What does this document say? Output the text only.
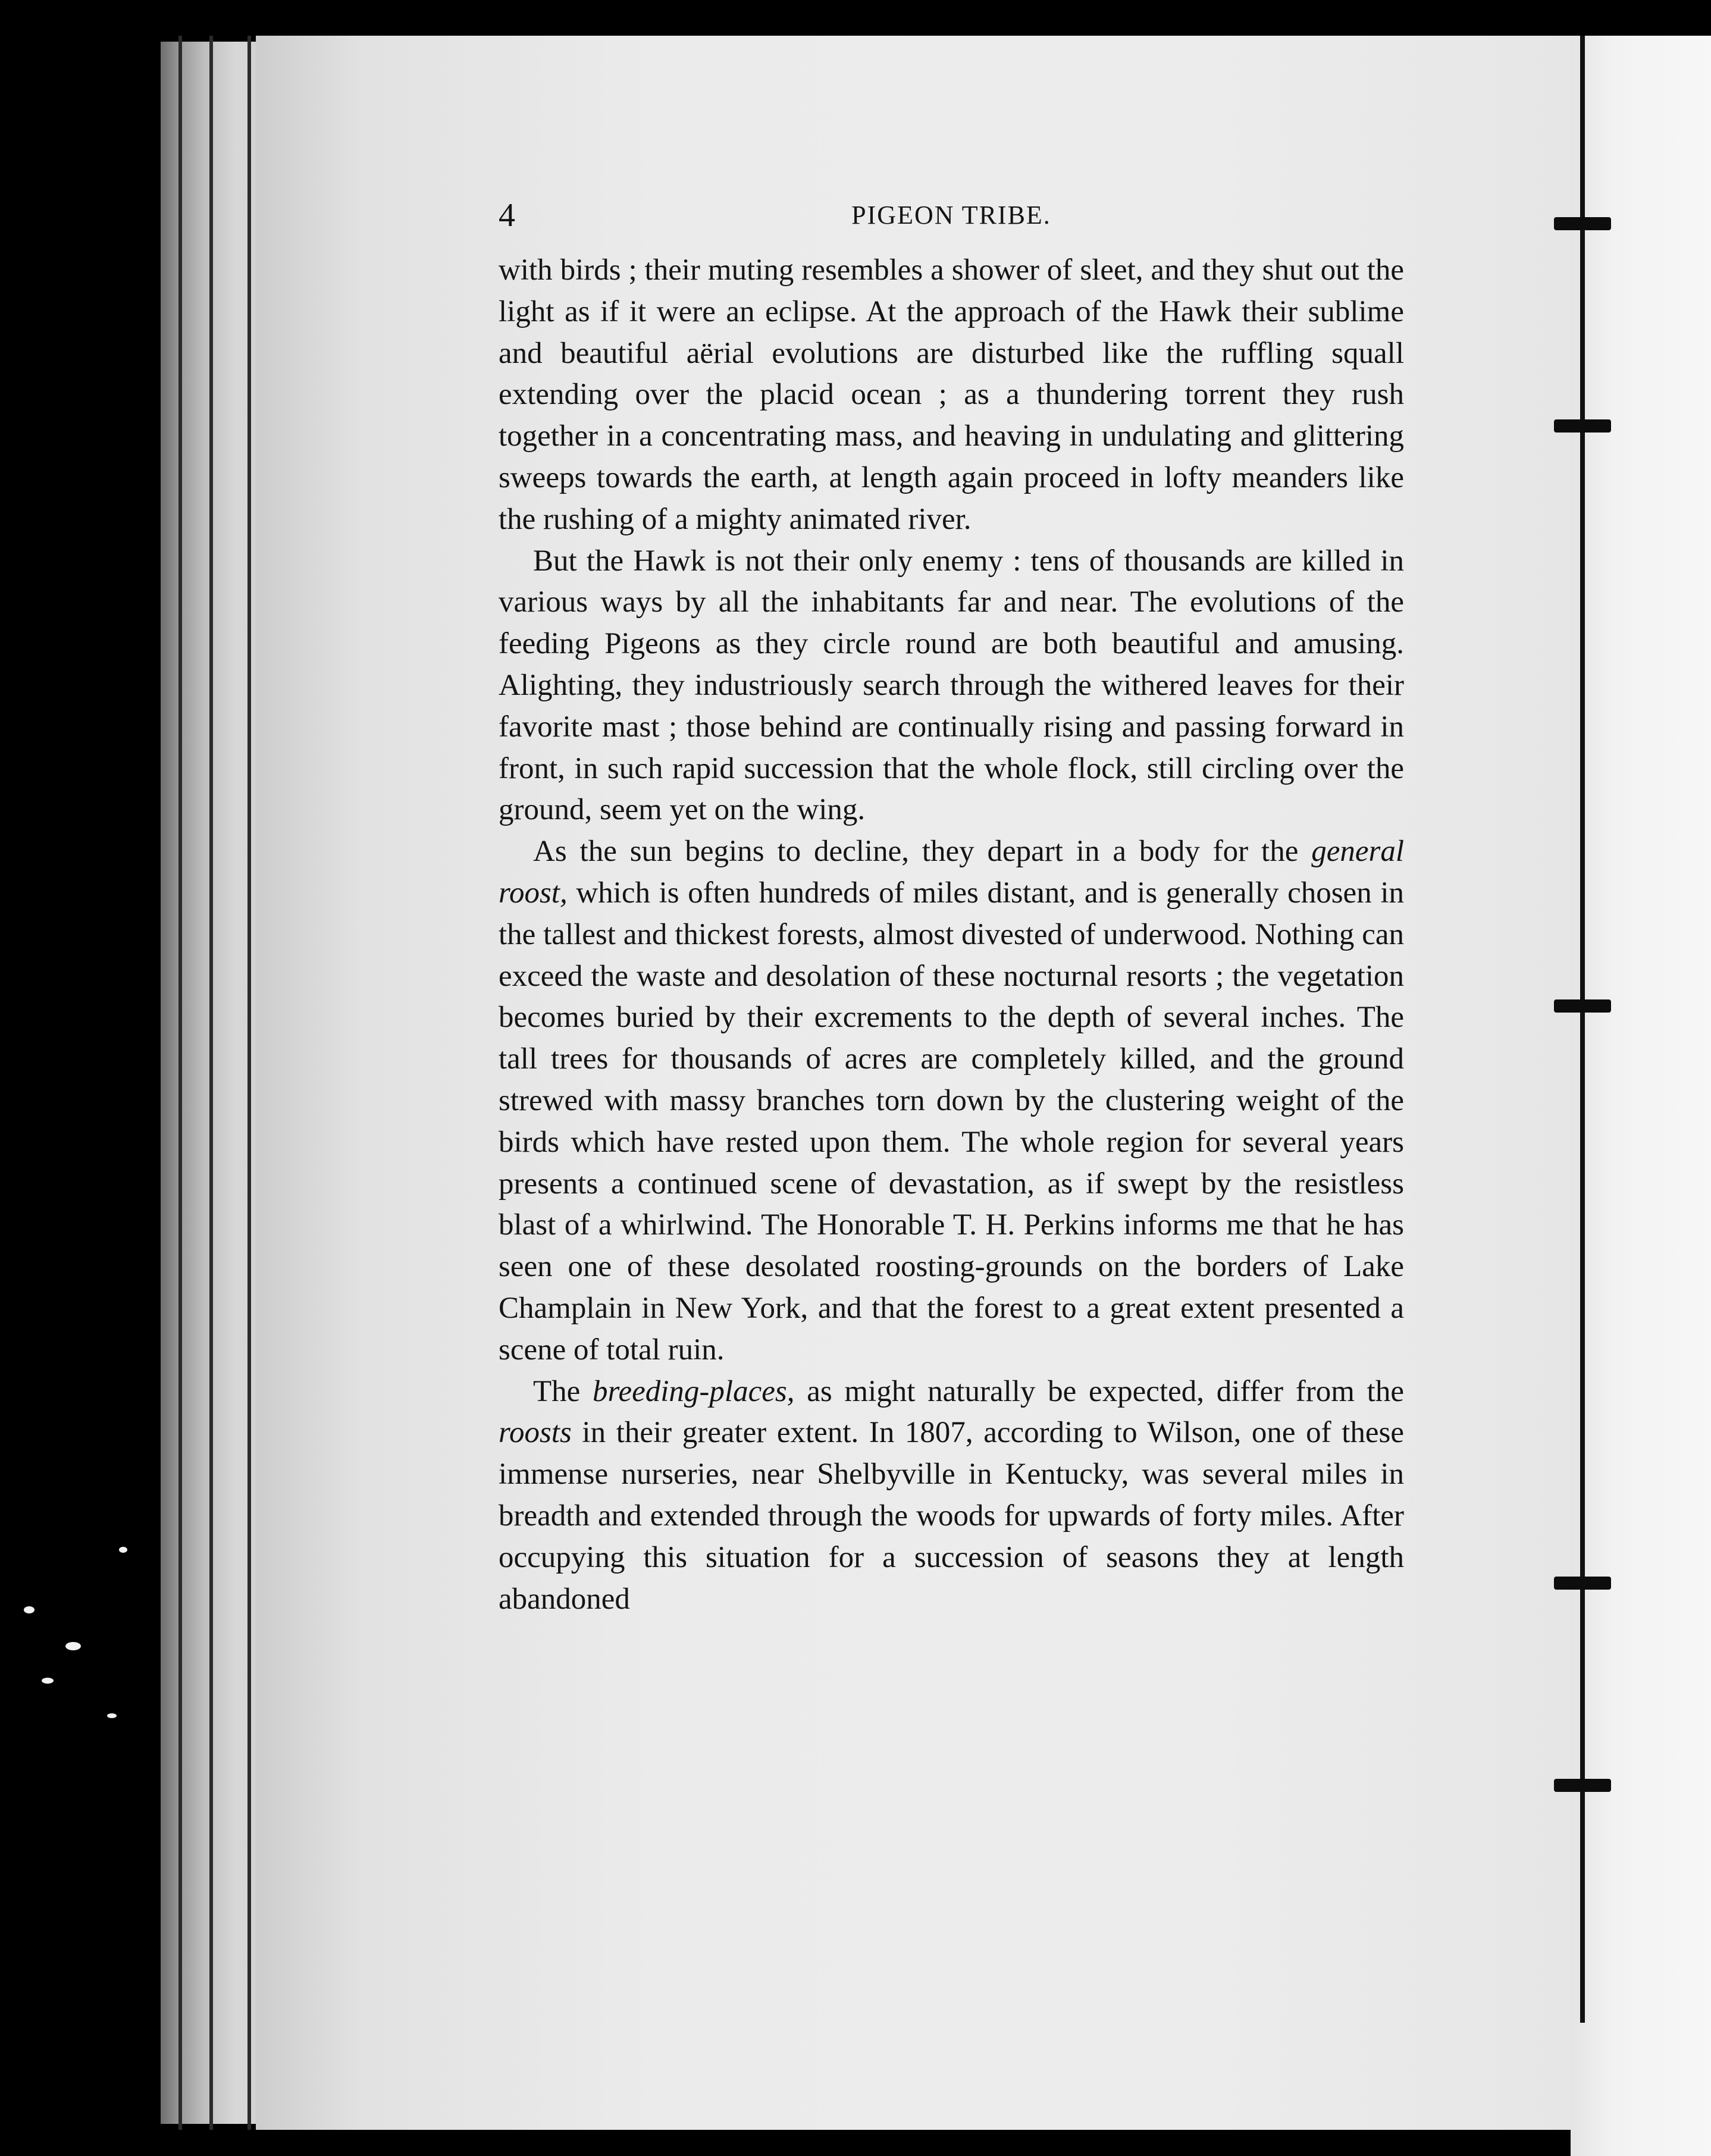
4	PIGEON TRIBE.

with birds ; their muting resembles a shower of sleet, and they shut out the light as if it were an eclipse. At the approach of the Hawk their sublime and beautiful aërial evolutions are disturbed like the ruffling squall extending over the placid ocean ; as a thundering torrent they rush together in a concentrating mass, and heaving in undulating and glittering sweeps towards the earth, at length again proceed in lofty meanders like the rushing of a mighty animated river.

But the Hawk is not their only enemy : tens of thousands are killed in various ways by all the inhabitants far and near. The evolutions of the feeding Pigeons as they circle round are both beautiful and amusing. Alighting, they industriously search through the withered leaves for their favorite mast ; those behind are continually rising and passing forward in front, in such rapid succession that the whole flock, still circling over the ground, seem yet on the wing.

As the sun begins to decline, they depart in a body for the general roost, which is often hundreds of miles distant, and is generally chosen in the tallest and thickest forests, almost divested of underwood. Nothing can exceed the waste and desolation of these nocturnal resorts ; the vegetation becomes buried by their excrements to the depth of several inches. The tall trees for thousands of acres are completely killed, and the ground strewed with massy branches torn down by the clustering weight of the birds which have rested upon them. The whole region for several years presents a continued scene of devastation, as if swept by the resistless blast of a whirlwind. The Honorable T. H. Perkins informs me that he has seen one of these desolated roosting-grounds on the borders of Lake Champlain in New York, and that the forest to a great extent presented a scene of total ruin.

The breeding-places, as might naturally be expected, differ from the roosts in their greater extent. In 1807, according to Wilson, one of these immense nurseries, near Shelbyville in Kentucky, was several miles in breadth and extended through the woods for upwards of forty miles. After occupying this situation for a succession of seasons they at length abandoned
